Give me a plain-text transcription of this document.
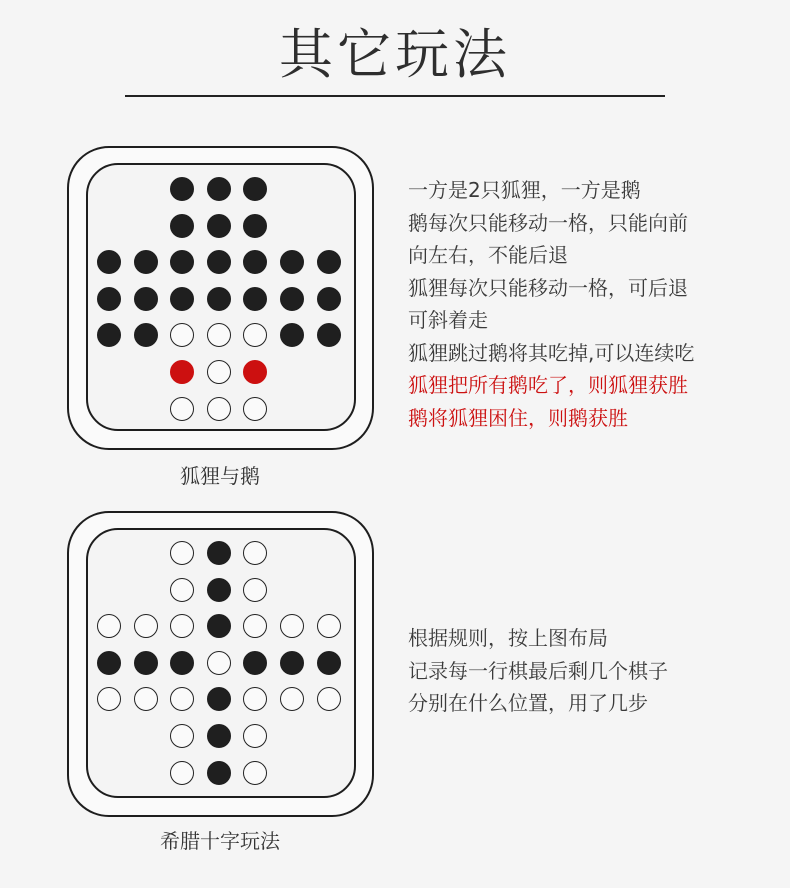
其它玩法
狐狸与鹅
一方是2只狐狸，一方是鹅
鹅每次只能移动一格，只能向前
向左右，不能后退
狐狸每次只能移动一格，可后退
可斜着走
狐狸跳过鹅将其吃掉,可以连续吃
狐狸把所有鹅吃了，则狐狸获胜
鹅将狐狸困住，则鹅获胜
希腊十字玩法
根据规则，按上图布局
记录每一行棋最后剩几个棋子
分别在什么位置，用了几步
